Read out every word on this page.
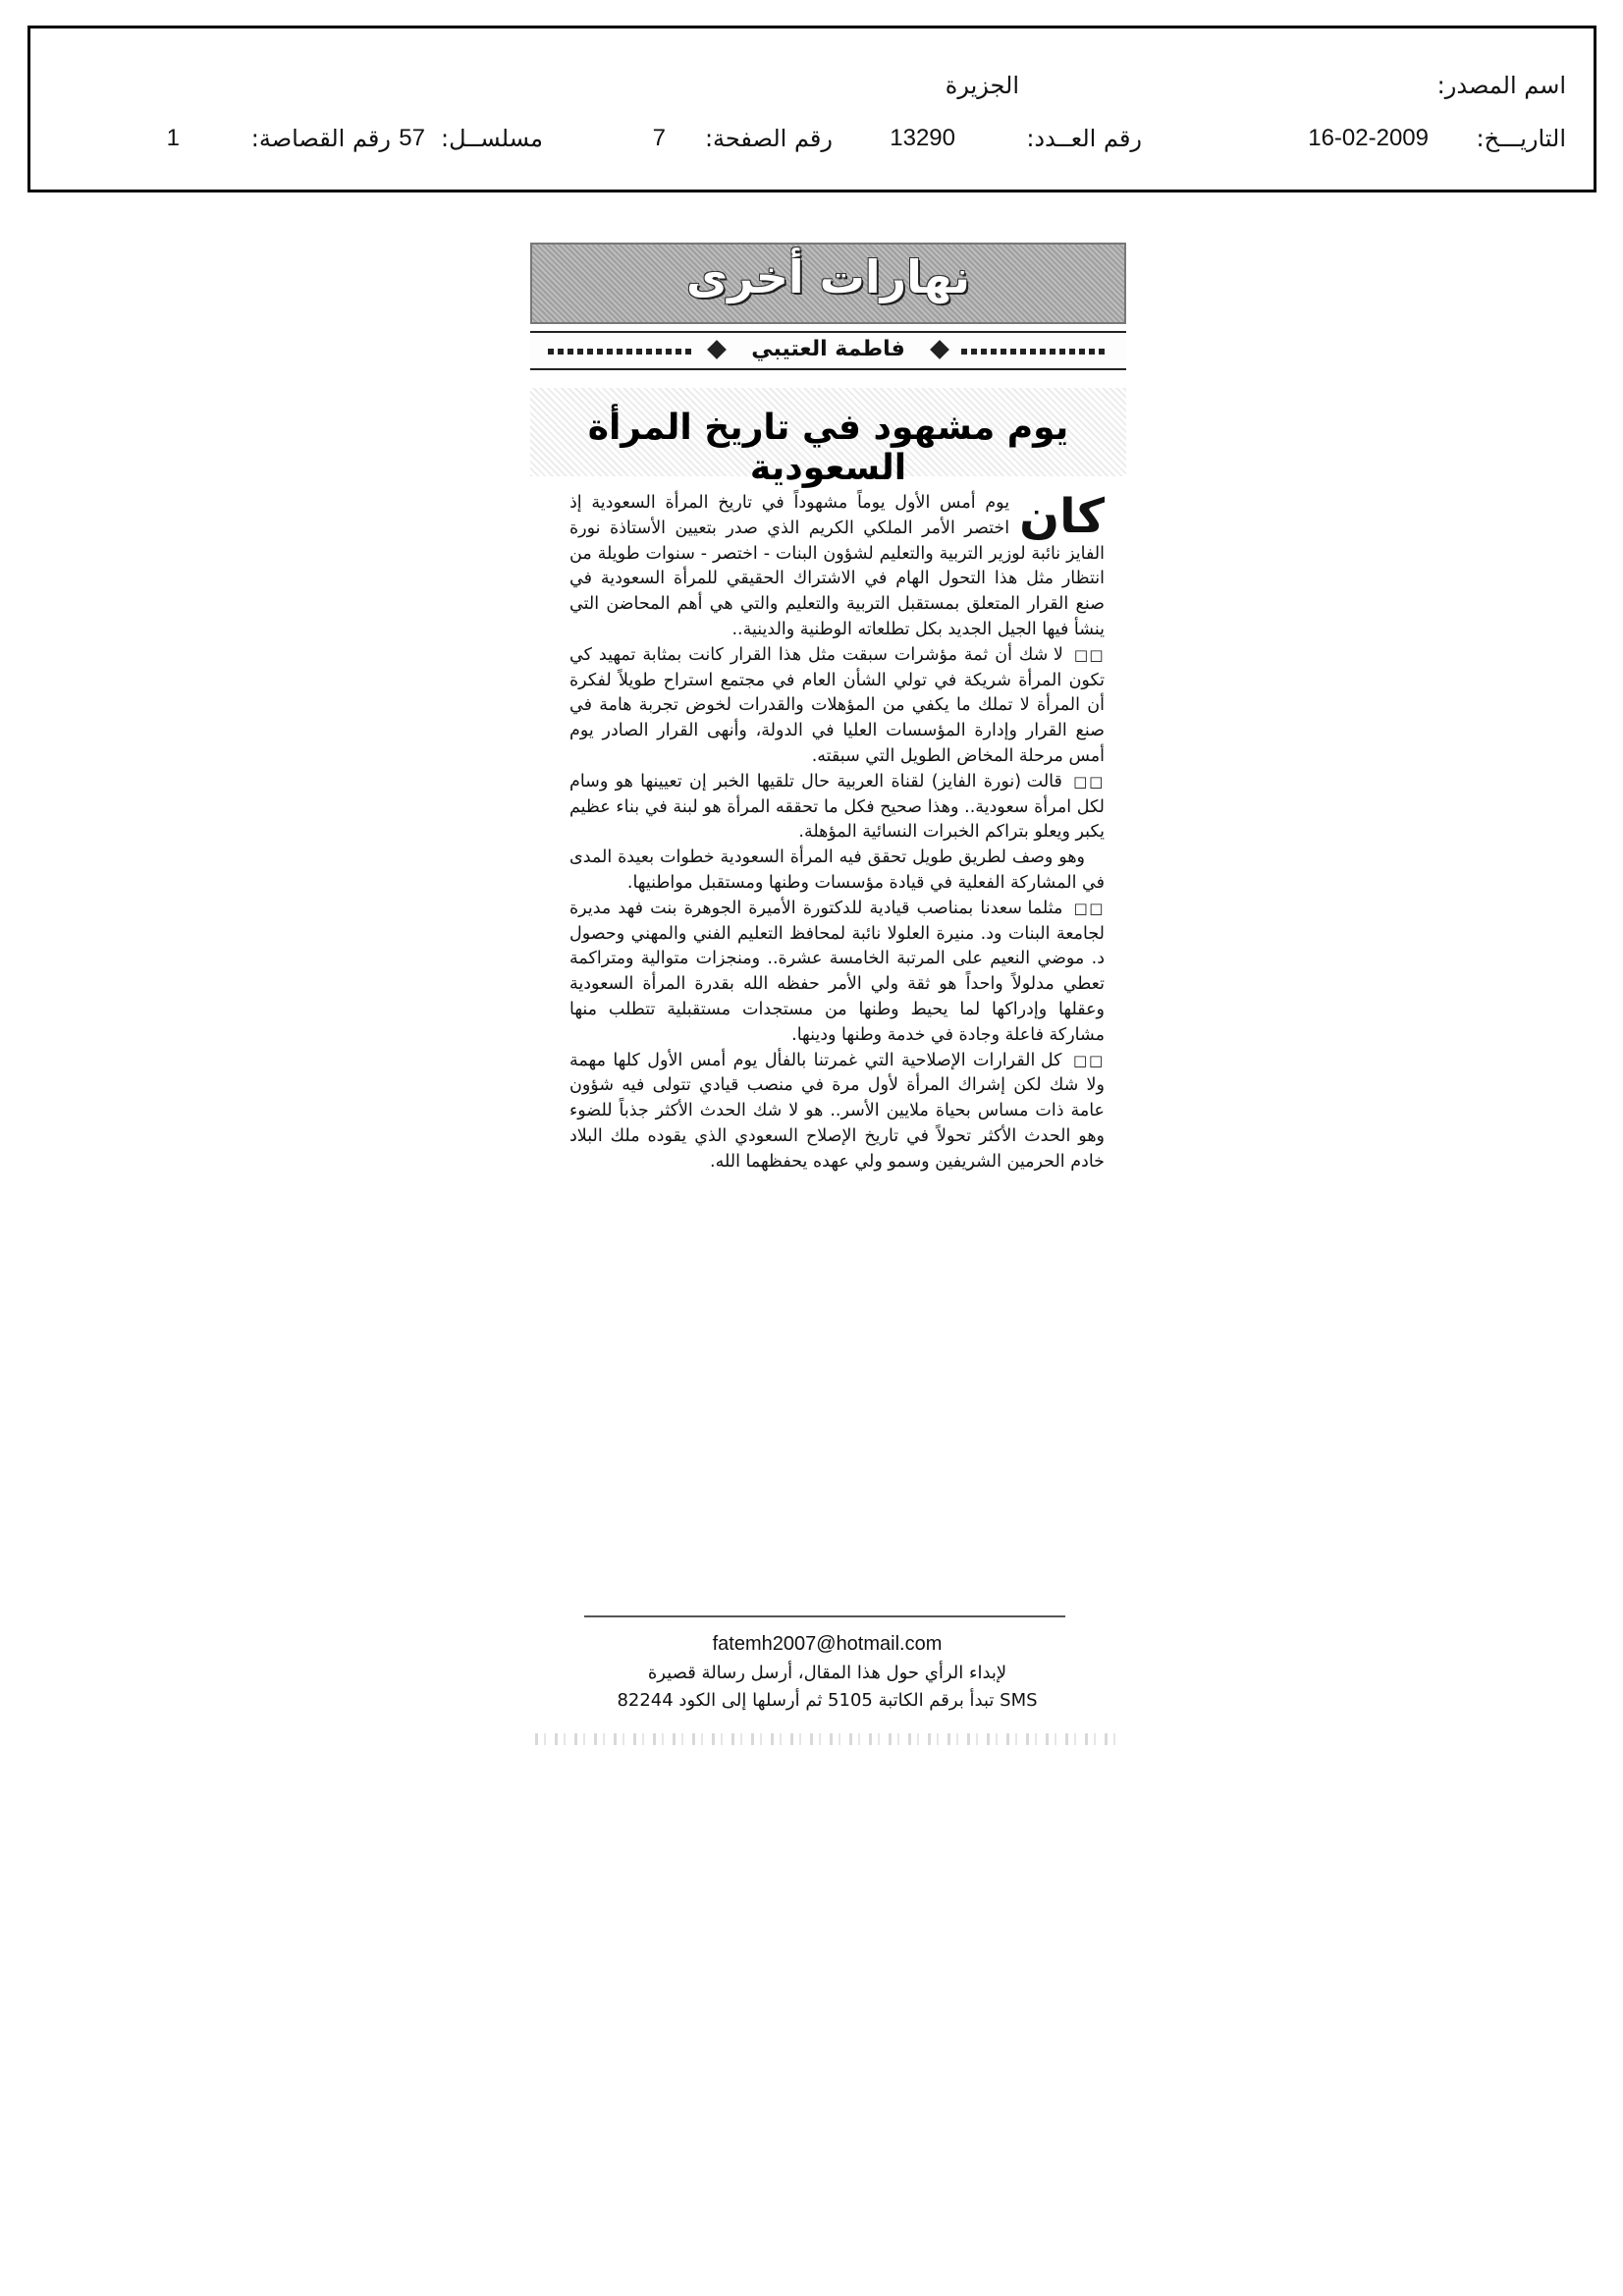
اسم المصدر:
الجزيرة
التاريـــخ:
16-02-2009
رقم العــدد:
13290
رقم الصفحة:
7
مسلســل:
57
رقم القصاصة:
1
نهارات أخرى
فاطمة العتيبي
يوم مشهود في تاريخ المرأة السعودية

كان
يوم أمس الأول يوماً مشهوداً في تاريخ المرأة السعودية إذ اختصر الأمر الملكي الكريم الذي صدر بتعيين الأستاذة نورة الفايز نائبة لوزير التربية والتعليم لشؤون البنات - اختصر - سنوات طويلة من انتظار مثل هذا التحول الهام في الاشتراك الحقيقي للمرأة السعودية في صنع القرار المتعلق بمستقبل التربية والتعليم والتي هي أهم المحاضن التي ينشأ فيها الجيل الجديد بكل تطلعاته الوطنية والدينية..

□□ لا شك أن ثمة مؤشرات سبقت مثل هذا القرار كانت بمثابة تمهيد كي تكون المرأة شريكة في تولي الشأن العام في مجتمع استراح طويلاً لفكرة أن المرأة لا تملك ما يكفي من المؤهلات والقدرات لخوض تجربة هامة في صنع القرار وإدارة المؤسسات العليا في الدولة، وأنهى القرار الصادر يوم أمس مرحلة المخاض الطويل التي سبقته.

□□ قالت (نورة الفايز) لقناة العربية حال تلقيها الخبر إن تعيينها هو وسام لكل امرأة سعودية.. وهذا صحيح فكل ما تحققه المرأة هو لبنة في بناء عظيم يكبر ويعلو بتراكم الخبرات النسائية المؤهلة.

وهو وصف لطريق طويل تحقق فيه المرأة السعودية خطوات بعيدة المدى في المشاركة الفعلية في قيادة مؤسسات وطنها ومستقبل مواطنيها.

□□ مثلما سعدنا بمناصب قيادية للدكتورة الأميرة الجوهرة بنت فهد مديرة لجامعة البنات ود. منيرة العلولا نائبة لمحافظ التعليم الفني والمهني وحصول د. موضي النعيم على المرتبة الخامسة عشرة.. ومنجزات متوالية ومتراكمة تعطي مدلولاً واحداً هو ثقة ولي الأمر حفظه الله بقدرة المرأة السعودية وعقلها وإدراكها لما يحيط وطنها من مستجدات مستقبلية تتطلب منها مشاركة فاعلة وجادة في خدمة وطنها ودينها.

□□ كل القرارات الإصلاحية التي غمرتنا بالفأل يوم أمس الأول كلها مهمة ولا شك لكن إشراك المرأة لأول مرة في منصب قيادي تتولى فيه شؤون عامة ذات مساس بحياة ملايين الأسر.. هو لا شك الحدث الأكثر جذباً للضوء وهو الحدث الأكثر تحولاً في تاريخ الإصلاح السعودي الذي يقوده ملك البلاد خادم الحرمين الشريفين وسمو ولي عهده يحفظهما الله.

fatemh2007@hotmail.com
لإبداء الرأي حول هذا المقال، أرسل رسالة قصيرة
SMS تبدأ برقم الكاتبة 5105 ثم أرسلها إلى الكود 82244
